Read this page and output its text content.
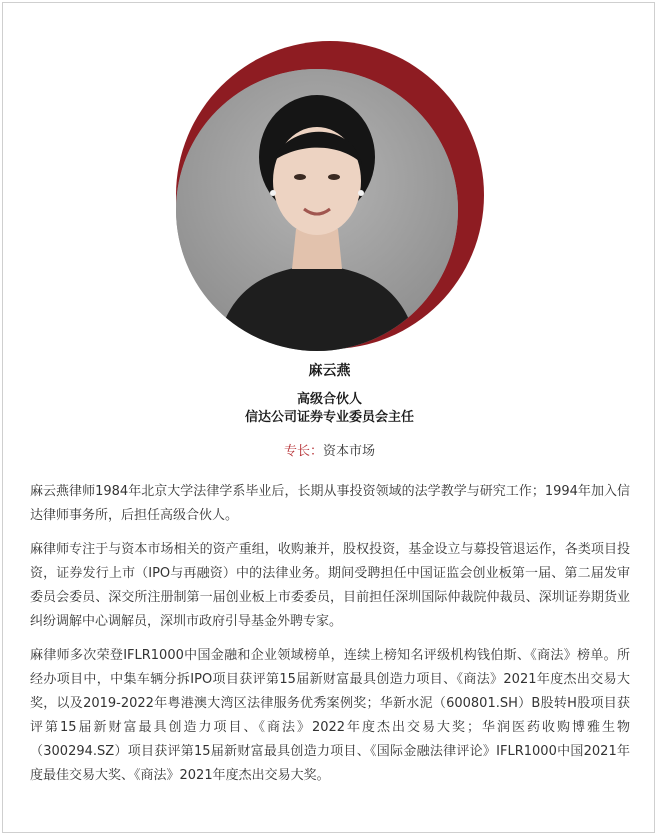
麻云燕
高级合伙人
信达公司证券专业委员会主任
专长：资本市场

麻云燕律师1984年北京大学法律学系毕业后，长期从事投资领域的法学教学与研究工作；1994年加入信达律师事务所，后担任高级合伙人。

麻律师专注于与资本市场相关的资产重组，收购兼并，股权投资，基金设立与募投管退运作，各类项目投资，证券发行上市（IPO与再融资）中的法律业务。期间受聘担任中国证监会创业板第一届、第二届发审委员会委员、深交所注册制第一届创业板上市委委员，目前担任深圳国际仲裁院仲裁员、深圳证券期货业纠纷调解中心调解员，深圳市政府引导基金外聘专家。

麻律师多次荣登IFLR1000中国金融和企业领域榜单，连续上榜知名评级机构钱伯斯、《商法》榜单。所经办项目中，中集车辆分拆IPO项目获评第15届新财富最具创造力项目、《商法》2021年度杰出交易大奖，以及2019-2022年粤港澳大湾区法律服务优秀案例奖；华新水泥（600801.SH）B股转H股项目获评第15届新财富最具创造力项目、《商法》2022年度杰出交易大奖；华润医药收购博雅生物（300294.SZ）项目获评第15届新财富最具创造力项目、《国际金融法律评论》IFLR1000中国2021年度最佳交易大奖、《商法》2021年度杰出交易大奖。
